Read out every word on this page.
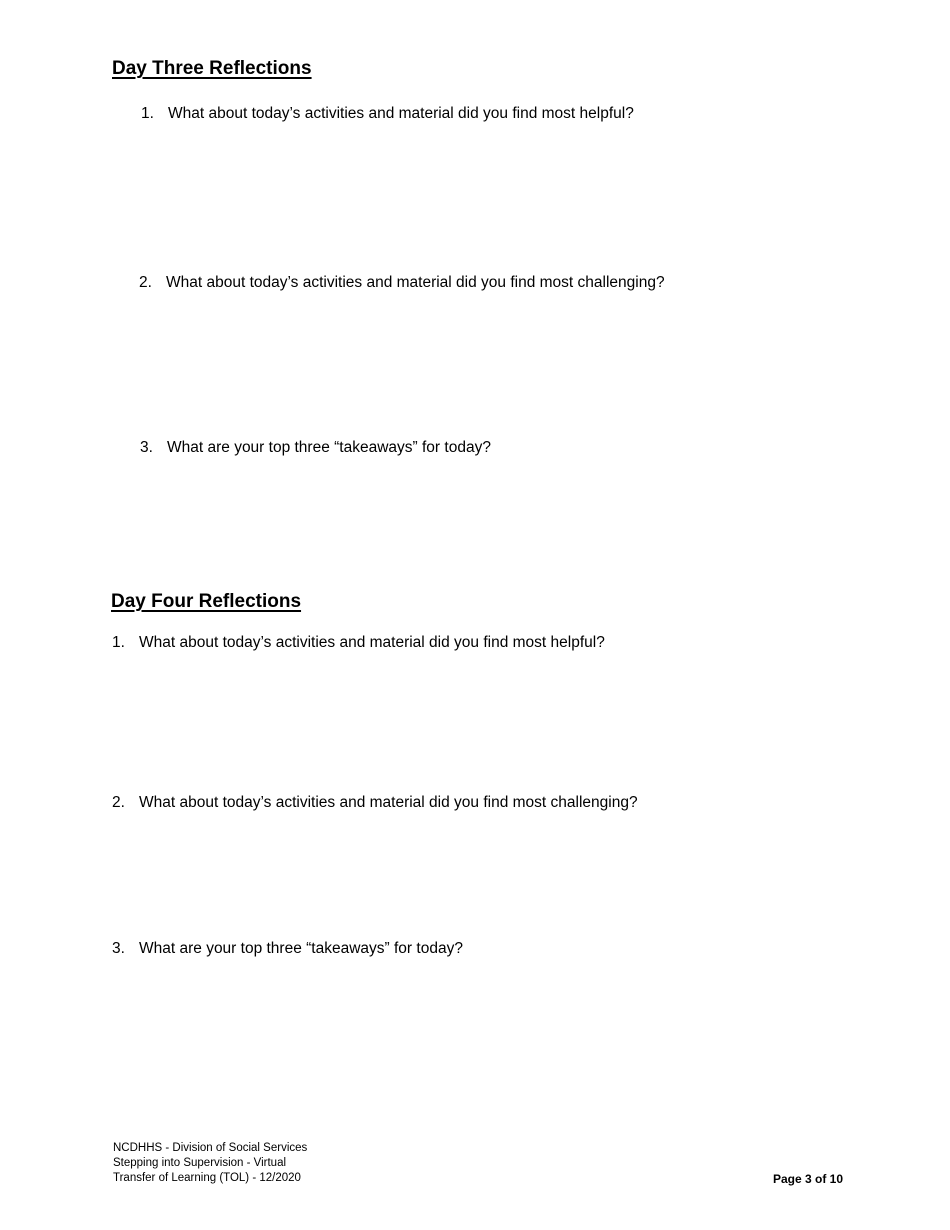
Day Three Reflections
1. What about today’s activities and material did you find most helpful?
2. What about today’s activities and material did you find most challenging?
3. What are your top three “takeaways” for today?
Day Four Reflections
1. What about today’s activities and material did you find most helpful?
2. What about today’s activities and material did you find most challenging?
3. What are your top three “takeaways” for today?
NCDHHS - Division of Social Services
Stepping into Supervision - Virtual
Transfer of Learning (TOL) - 12/2020	Page 3 of 10
